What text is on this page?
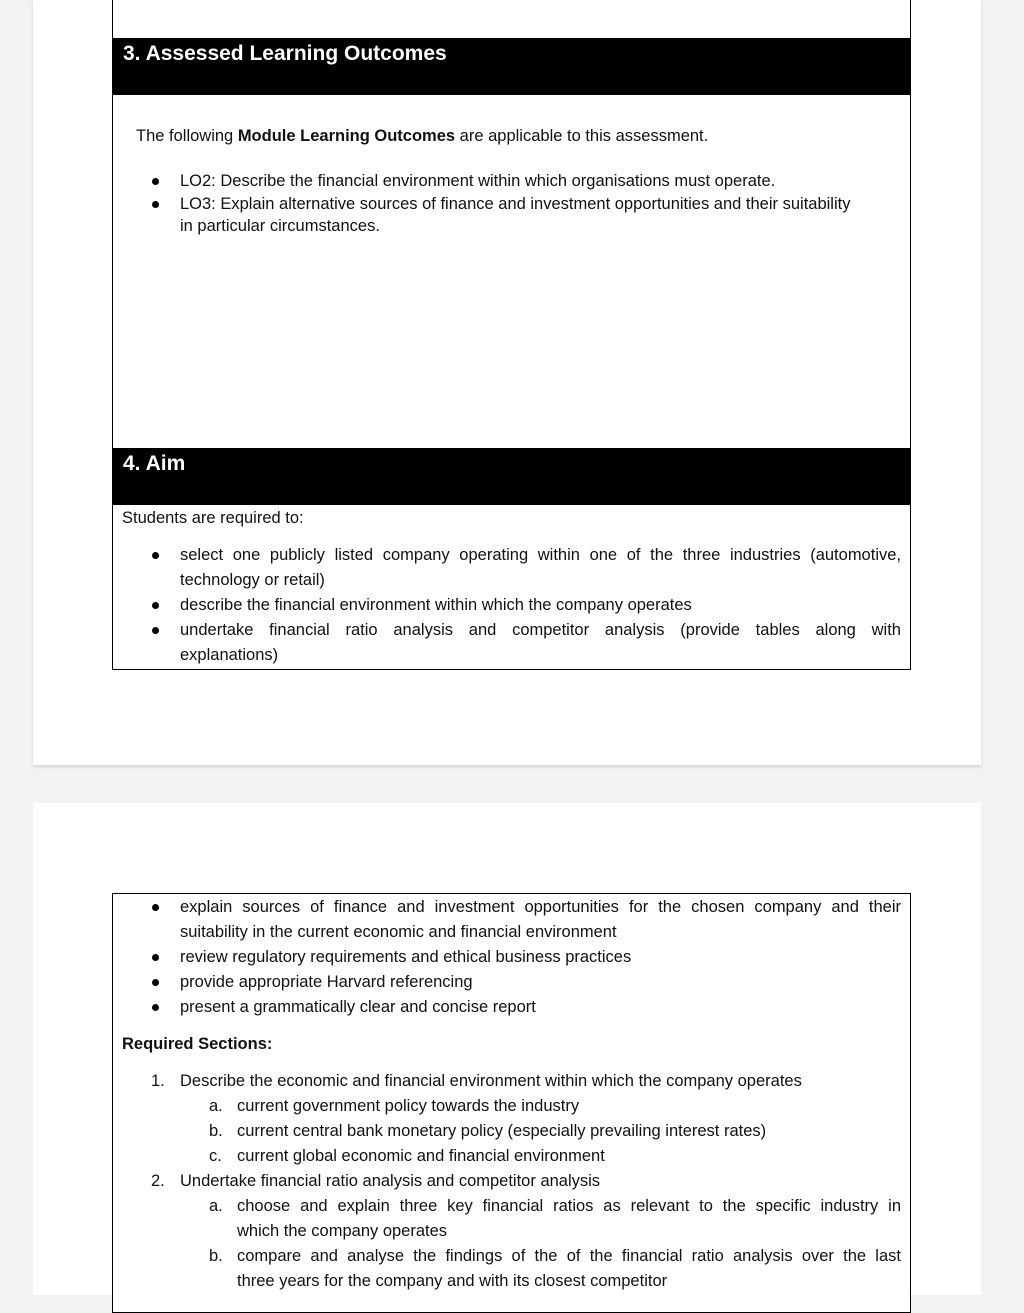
3. Assessed Learning Outcomes
The following Module Learning Outcomes are applicable to this assessment.
LO2: Describe the financial environment within which organisations must operate.
LO3: Explain alternative sources of finance and investment opportunities and their suitability
in particular circumstances.
4. Aim
Students are required to:
select one publicly listed company operating within one of the three industries (automotive,
technology or retail)
describe the financial environment within which the company operates
undertake financial ratio analysis and competitor analysis (provide tables along with
explanations)
explain sources of finance and investment opportunities for the chosen company and their
suitability in the current economic and financial environment
review regulatory requirements and ethical business practices
provide appropriate Harvard referencing
present a grammatically clear and concise report
Required Sections:
1. Describe the economic and financial environment within which the company operates
a. current government policy towards the industry
b. current central bank monetary policy (especially prevailing interest rates)
c. current global economic and financial environment
2. Undertake financial ratio analysis and competitor analysis
a. choose and explain three key financial ratios as relevant to the specific industry in
which the company operates
b. compare and analyse the findings of the of the financial ratio analysis over the last
three years for the company and with its closest competitor
